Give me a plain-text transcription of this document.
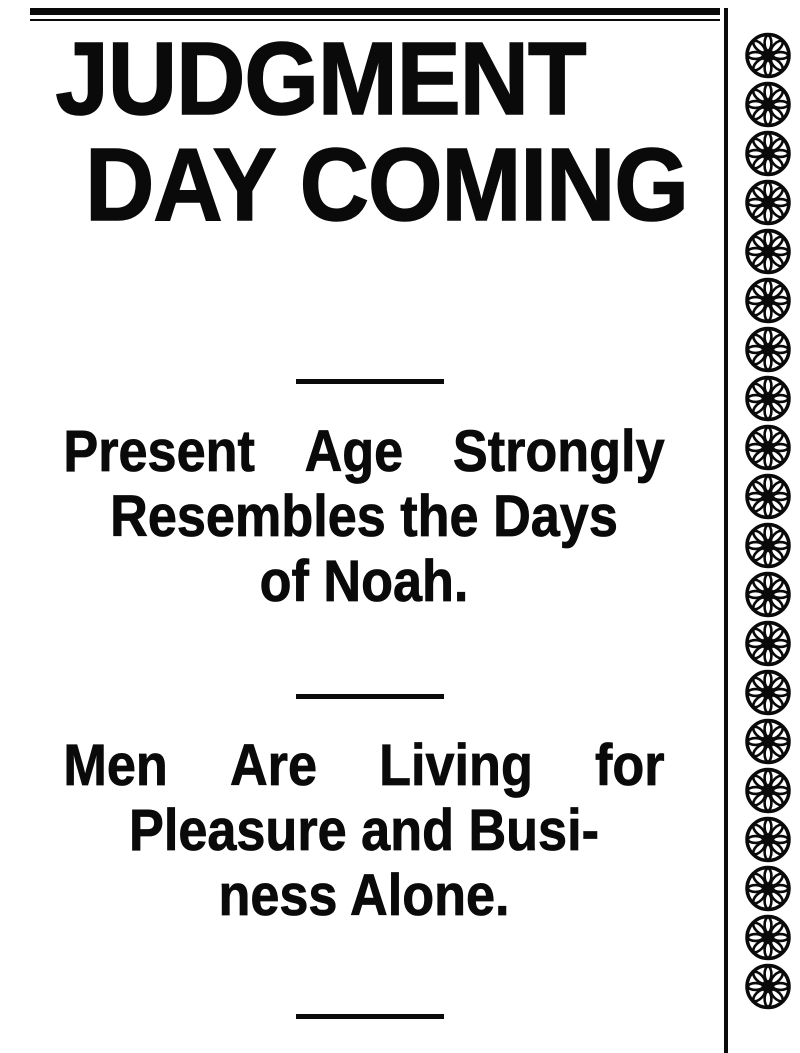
JUDGMENT
DAY COMING
Present Age Strongly
Resembles the Days
of Noah.
Men Are Living for
Pleasure and Busi-
ness Alone.
